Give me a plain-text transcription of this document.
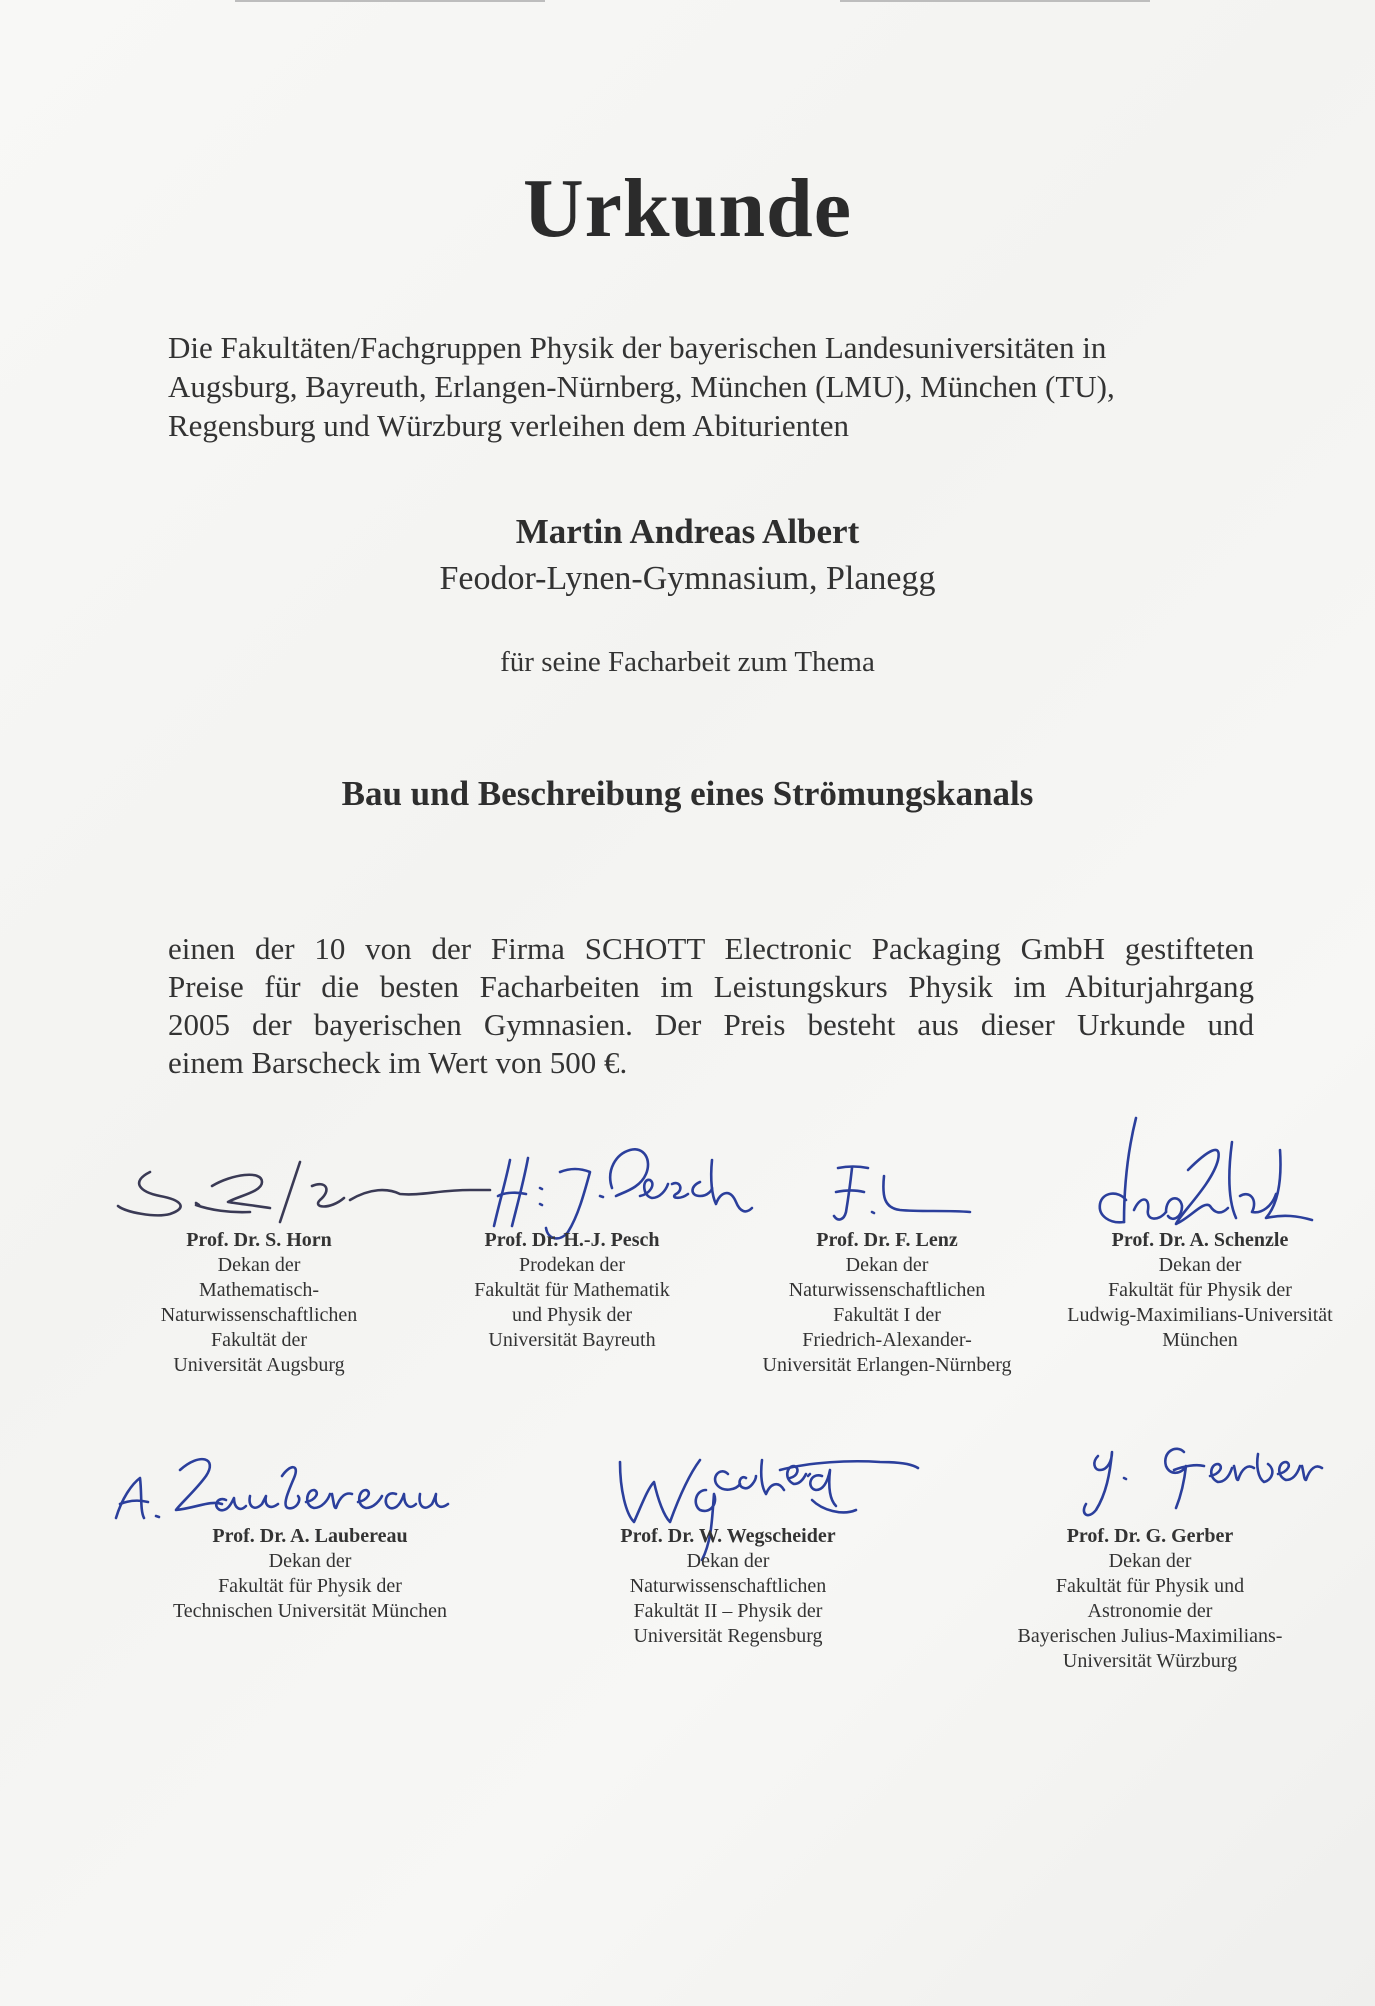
Urkunde
Die Fakultäten/Fachgruppen Physik der bayerischen Landesuniversitäten in
Augsburg, Bayreuth, Erlangen-Nürnberg, München (LMU), München (TU),
Regensburg und Würzburg verleihen dem Abiturienten
Martin Andreas Albert
Feodor-Lynen-Gymnasium, Planegg
für seine Facharbeit zum Thema
Bau und Beschreibung eines Strömungskanals
einen der 10 von der Firma SCHOTT Electronic Packaging GmbH gestifteten
Preise für die besten Facharbeiten im Leistungskurs Physik im Abiturjahrgang
2005 der bayerischen Gymnasien. Der Preis besteht aus dieser Urkunde und
einem Barscheck im Wert von 500 €.
Prof. Dr. S. Horn
Dekan der
Mathematisch-
Naturwissenschaftlichen
Fakultät der
Universität Augsburg
Prof. Dr. H.-J. Pesch
Prodekan der
Fakultät für Mathematik
und Physik der
Universität Bayreuth
Prof. Dr. F. Lenz
Dekan der
Naturwissenschaftlichen
Fakultät I der
Friedrich-Alexander-
Universität Erlangen-Nürnberg
Prof. Dr. A. Schenzle
Dekan der
Fakultät für Physik der
Ludwig-Maximilians-Universität
München
Prof. Dr. A. Laubereau
Dekan der
Fakultät für Physik der
Technischen Universität München
Prof. Dr. W. Wegscheider
Dekan der
Naturwissenschaftlichen
Fakultät II – Physik der
Universität Regensburg
Prof. Dr. G. Gerber
Dekan der
Fakultät für Physik und
Astronomie der
Bayerischen Julius-Maximilians-
Universität Würzburg
